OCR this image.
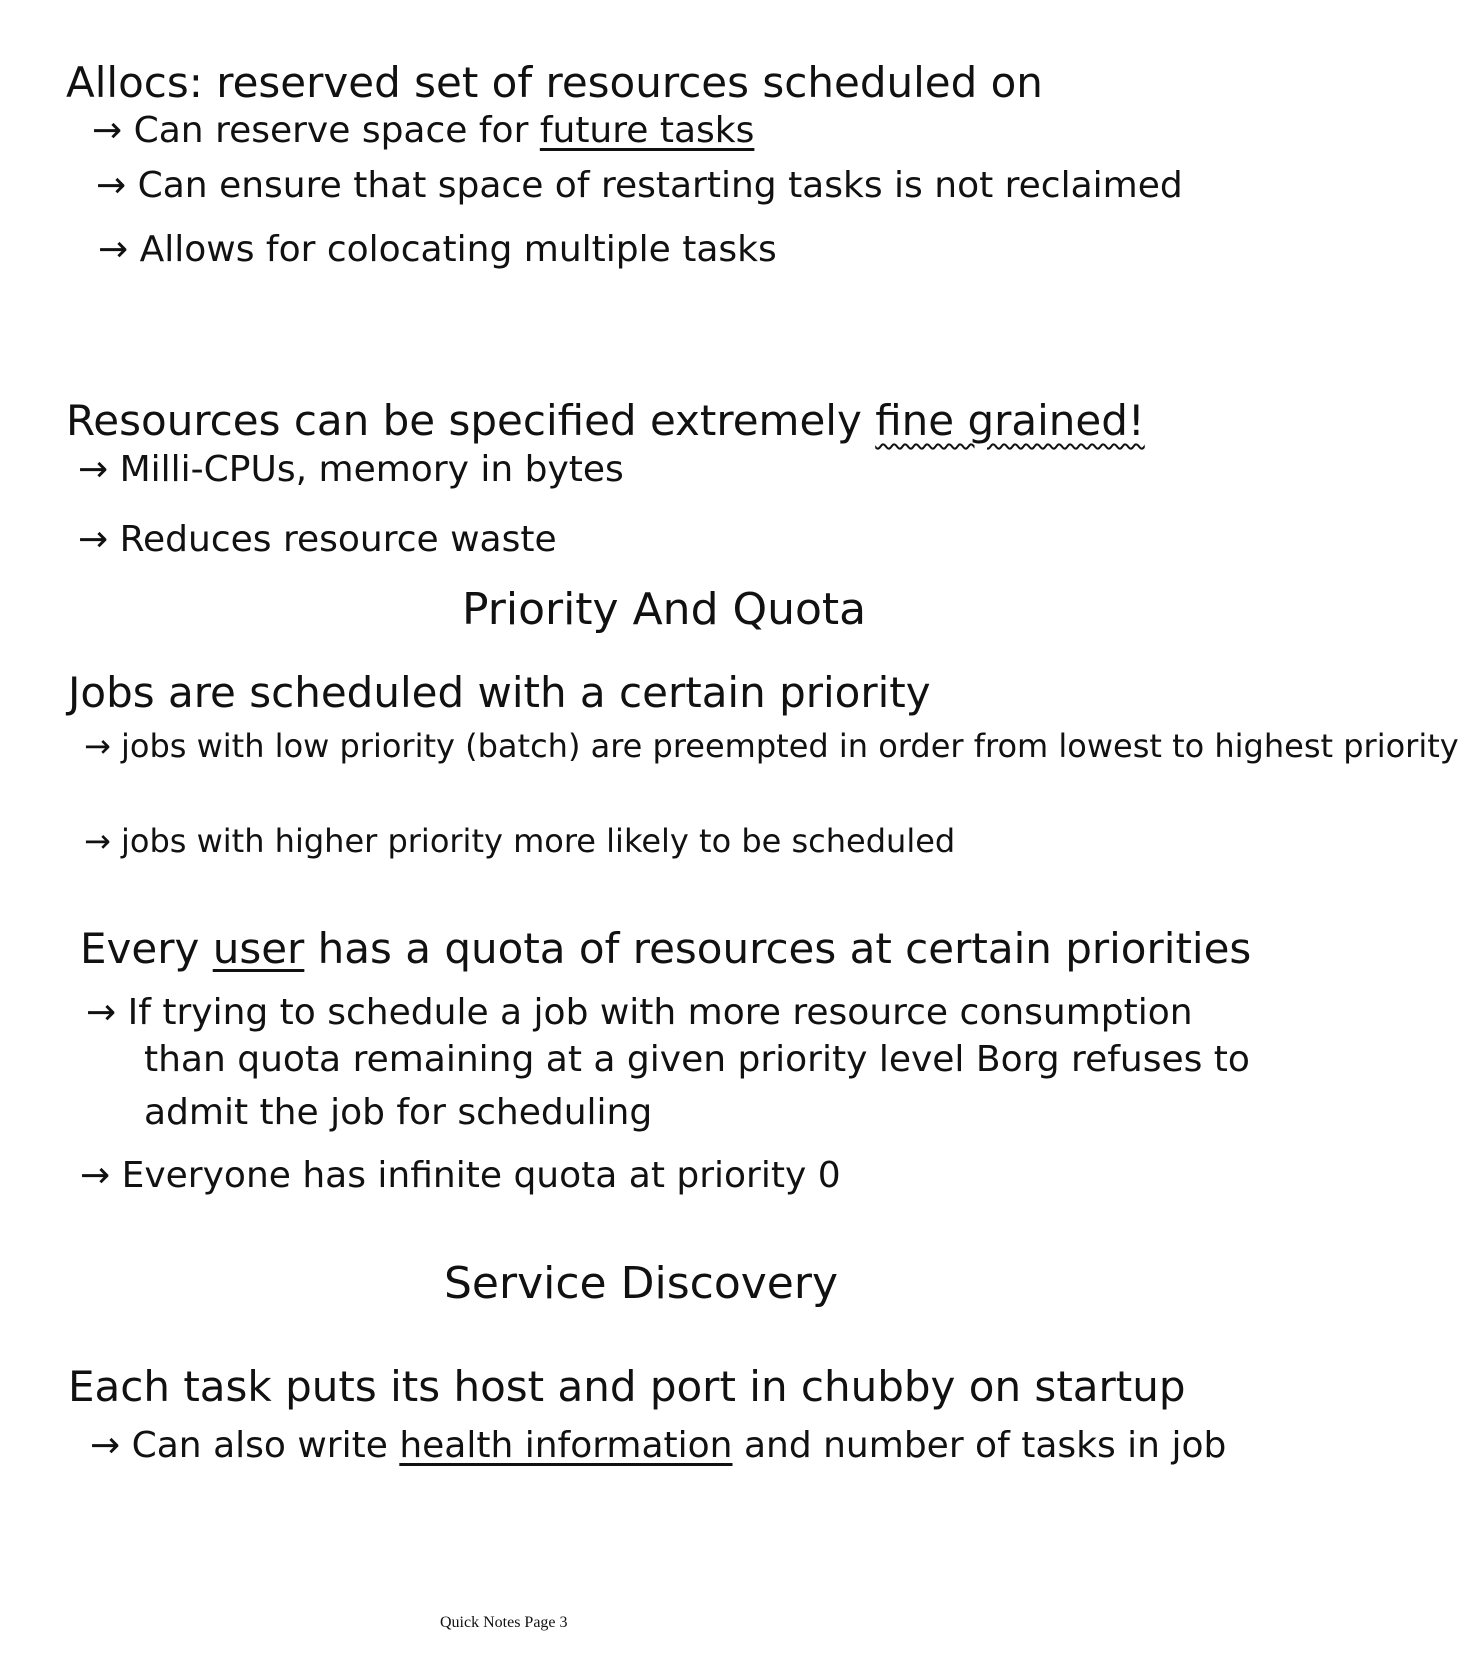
Allocs: reserved set of resources scheduled on
→ Can reserve space for future tasks
→ Can ensure that space of restarting tasks is not reclaimed
→ Allows for colocating multiple tasks
Resources can be specified extremely fine grained!
→ Milli-CPUs, memory in bytes
→ Reduces resource waste
Priority And Quota
Jobs are scheduled with a certain priority
→ jobs with low priority (batch) are preempted in order from lowest to highest priority
→ jobs with higher priority more likely to be scheduled
Every user has a quota of resources at certain priorities
→ If trying to schedule a job with more resource consumption
than quota remaining at a given priority level Borg refuses to
admit the job for scheduling
→ Everyone has infinite quota at priority 0
Service Discovery
Each task puts its host and port in chubby on startup
→ Can also write health information and number of tasks in job
Quick Notes Page 3
